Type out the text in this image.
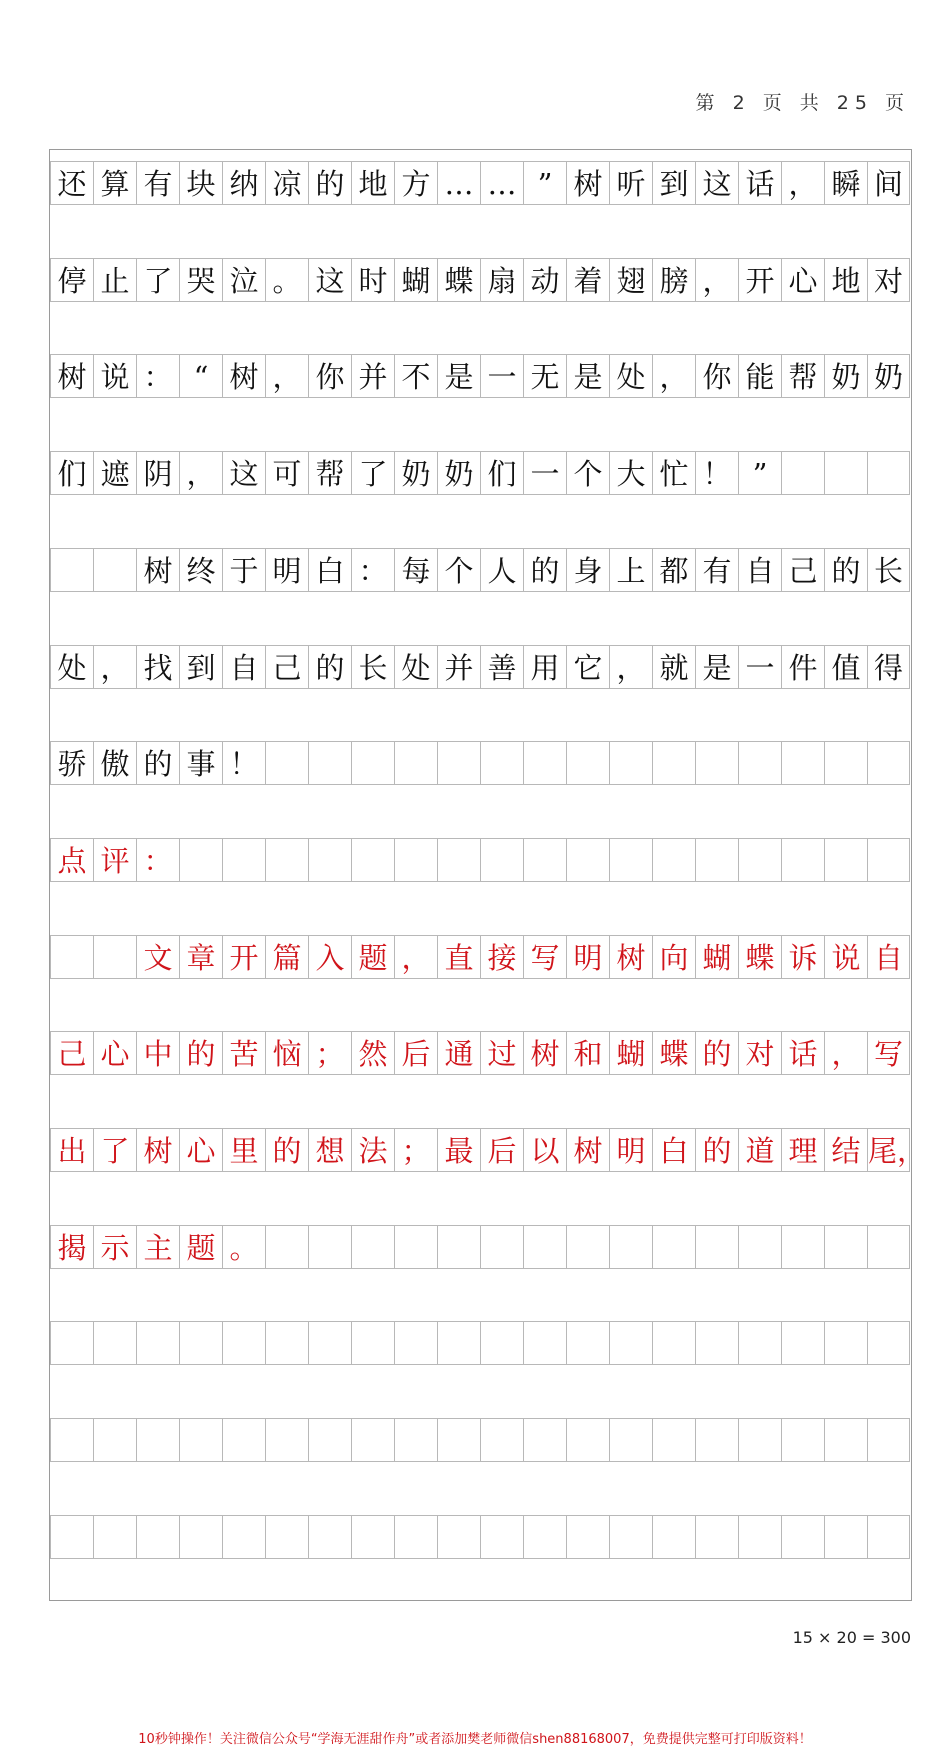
第 2 页 共 25 页
还 算 有 块 纳 凉 的 地 方 … … ” 树 听 到 这 话 ， 瞬 间
停 止 了 哭 泣 。 这 时 蝴 蝶 扇 动 着 翅 膀 ， 开 心 地 对
树 说 ： “ 树 ， 你 并 不 是 一 无 是 处 ， 你 能 帮 奶 奶
们 遮 阴 ， 这 可 帮 了 奶 奶 们 一 个 大 忙 ！ ”
树 终 于 明 白 ： 每 个 人 的 身 上 都 有 自 己 的 长
处 ， 找 到 自 己 的 长 处 并 善 用 它 ， 就 是 一 件 值 得
骄 傲 的 事 ！
点 评 ：
文 章 开 篇 入 题 ， 直 接 写 明 树 向 蝴 蝶 诉 说 自
己 心 中 的 苦 恼 ； 然 后 通 过 树 和 蝴 蝶 的 对 话 ， 写
出 了 树 心 里 的 想 法 ； 最 后 以 树 明 白 的 道 理 结 尾，
揭 示 主 题 。
15 × 20 = 300
10秒钟操作！关注微信公众号“学海无涯甜作舟”或者添加樊老师微信shen88168007，免费提供完整可打印版资料！
